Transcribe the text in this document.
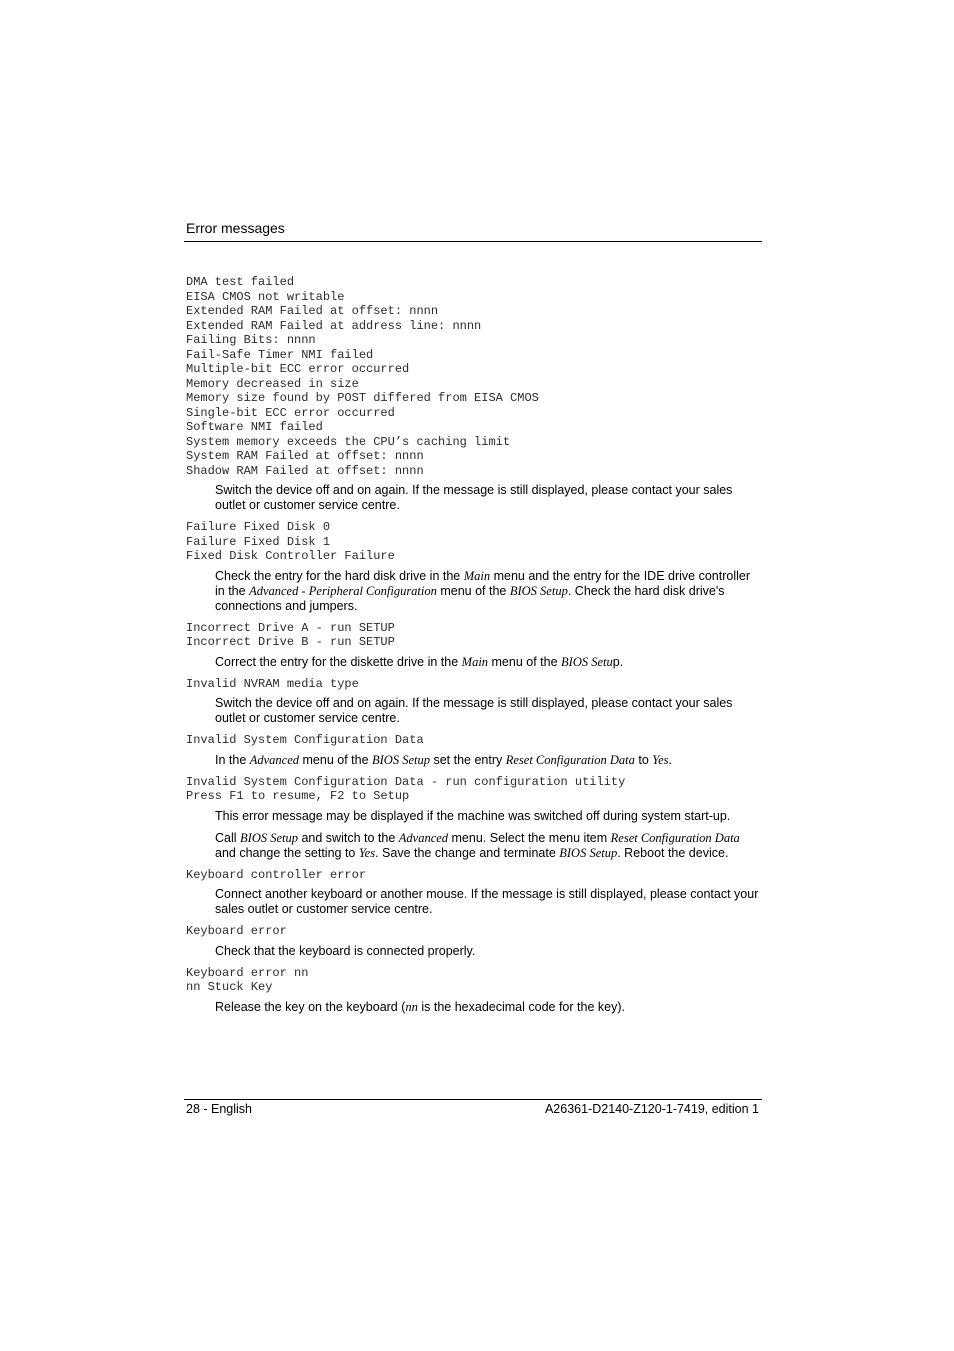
Error messages
DMA test failed
EISA CMOS not writable
Extended RAM Failed at offset: nnnn
Extended RAM Failed at address line: nnnn
Failing Bits: nnnn
Fail-Safe Timer NMI failed
Multiple-bit ECC error occurred
Memory decreased in size
Memory size found by POST differed from EISA CMOS
Single-bit ECC error occurred
Software NMI failed
System memory exceeds the CPU’s caching limit
System RAM Failed at offset: nnnn
Shadow RAM Failed at offset: nnnn

Switch the device off and on again. If the message is still displayed, please contact your sales outlet or customer service centre.

Failure Fixed Disk 0
Failure Fixed Disk 1
Fixed Disk Controller Failure

Check the entry for the hard disk drive in the Main menu and the entry for the IDE drive controller in the Advanced - Peripheral Configuration menu of the BIOS Setup. Check the hard disk drive's connections and jumpers.

Incorrect Drive A - run SETUP
Incorrect Drive B - run SETUP

Correct the entry for the diskette drive in the Main menu of the BIOS Setup.

Invalid NVRAM media type

Switch the device off and on again. If the message is still displayed, please contact your sales outlet or customer service centre.

Invalid System Configuration Data

In the Advanced menu of the BIOS Setup set the entry Reset Configuration Data to Yes.

Invalid System Configuration Data - run configuration utility
Press F1 to resume, F2 to Setup

This error message may be displayed if the machine was switched off during system start-up.

Call BIOS Setup and switch to the Advanced menu. Select the menu item Reset Configuration Data and change the setting to Yes. Save the change and terminate BIOS Setup. Reboot the device.

Keyboard controller error

Connect another keyboard or another mouse. If the message is still displayed, please contact your sales outlet or customer service centre.

Keyboard error

Check that the keyboard is connected properly.

Keyboard error nn
nn Stuck Key

Release the key on the keyboard (nn is the hexadecimal code for the key).

28 - English	A26361-D2140-Z120-1-7419, edition 1
